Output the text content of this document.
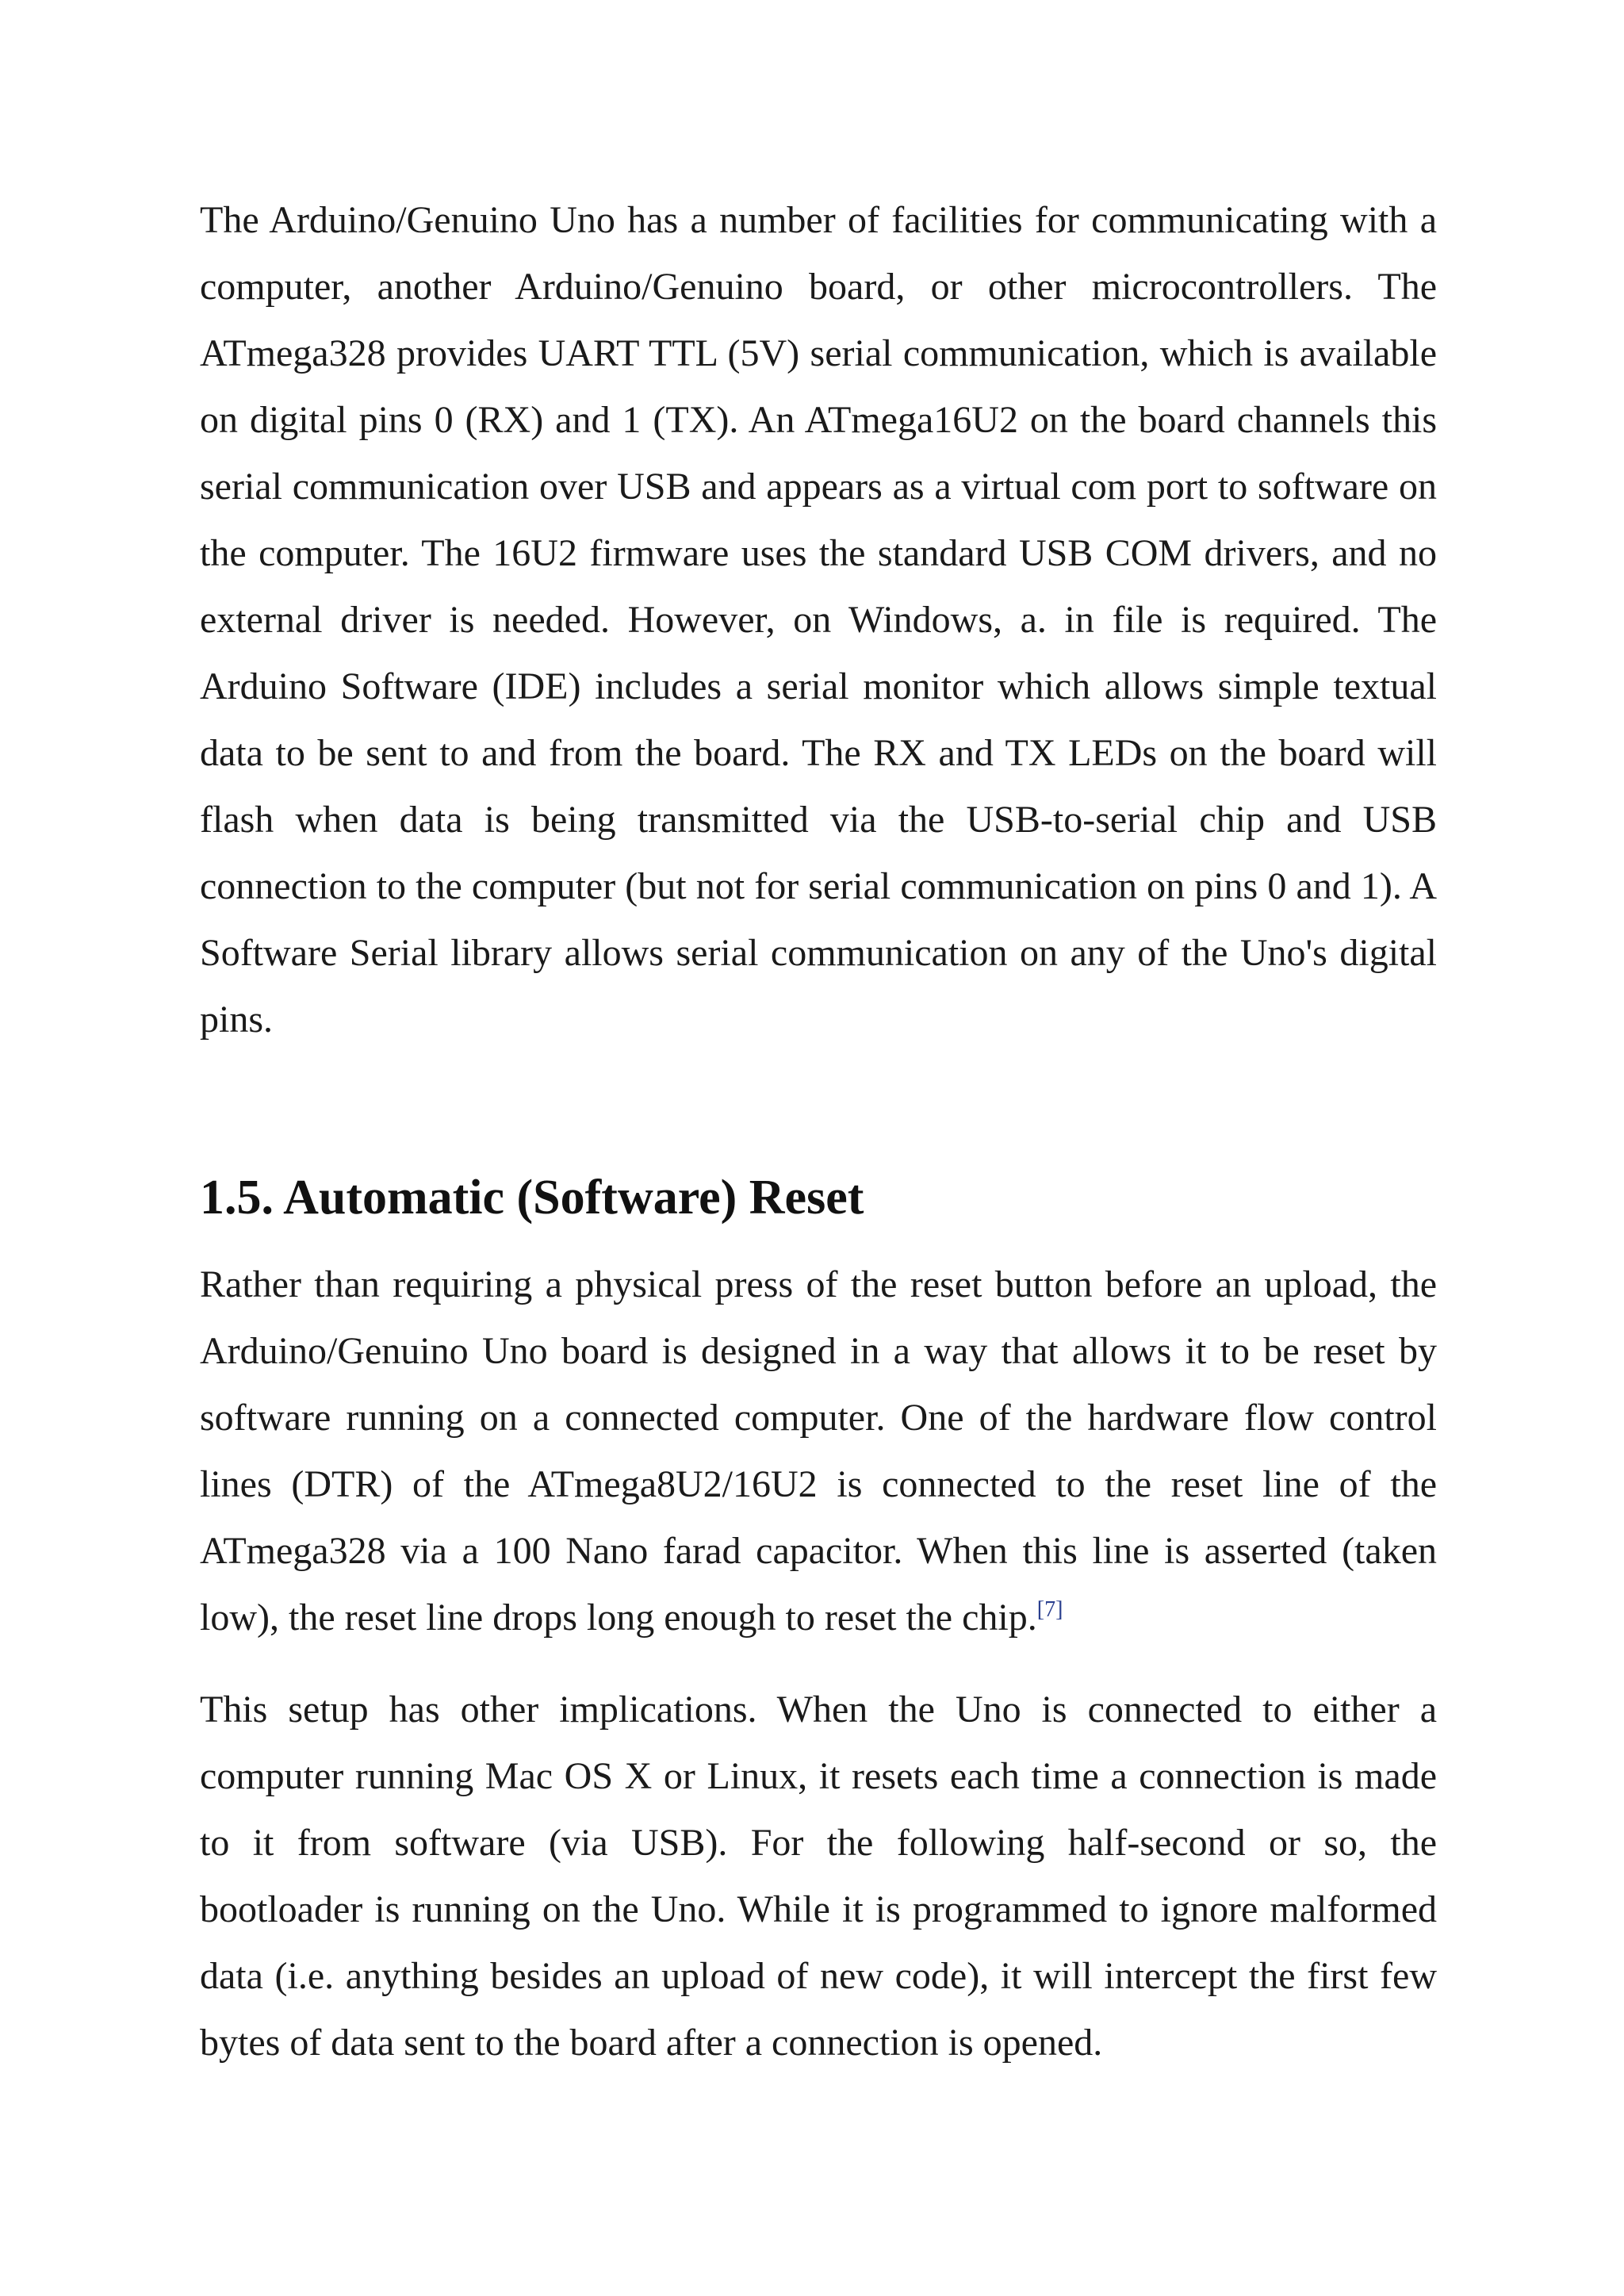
The Arduino/Genuino Uno has a number of facilities for communicating with a computer, another Arduino/Genuino board, or other microcontrollers. The ATmega328 provides UART TTL (5V) serial communication, which is available on digital pins 0 (RX) and 1 (TX). An ATmega16U2 on the board channels this serial communication over USB and appears as a virtual com port to software on the computer. The 16U2 firmware uses the standard USB COM drivers, and no external driver is needed. However, on Windows, a. in file is required. The Arduino Software (IDE) includes a serial monitor which allows simple textual data to be sent to and from the board. The RX and TX LEDs on the board will flash when data is being transmitted via the USB-to-serial chip and USB connection to the computer (but not for serial communication on pins 0 and 1). A Software Serial library allows serial communication on any of the Uno's digital pins.

1.5. Automatic (Software) Reset

Rather than requiring a physical press of the reset button before an upload, the Arduino/Genuino Uno board is designed in a way that allows it to be reset by software running on a connected computer. One of the hardware flow control lines (DTR) of the ATmega8U2/16U2 is connected to the reset line of the ATmega328 via a 100 Nano farad capacitor. When this line is asserted (taken low), the reset line drops long enough to reset the chip.[7]

This setup has other implications. When the Uno is connected to either a computer running Mac OS X or Linux, it resets each time a connection is made to it from software (via USB). For the following half-second or so, the bootloader is running on the Uno. While it is programmed to ignore malformed data (i.e. anything besides an upload of new code), it will intercept the first few bytes of data sent to the board after a connection is opened.
